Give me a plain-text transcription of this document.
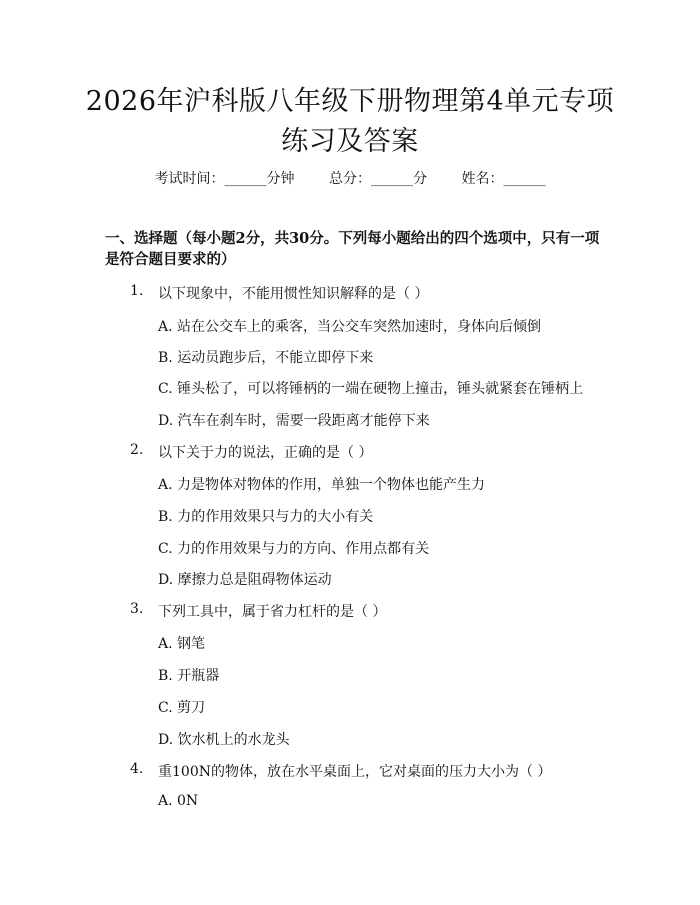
2026年沪科版八年级下册物理第4单元专项
练习及答案
考试时间：______分钟 总分：______分 姓名：______
一、选择题（每小题2分，共30分。下列每小题给出的四个选项中，只有一项是符合题目要求的）
1. 以下现象中，不能用惯性知识解释的是（ ）
A. 站在公交车上的乘客，当公交车突然加速时，身体向后倾倒
B. 运动员跑步后，不能立即停下来
C. 锤头松了，可以将锤柄的一端在硬物上撞击，锤头就紧套在锤柄上
D. 汽车在刹车时，需要一段距离才能停下来
2. 以下关于力的说法，正确的是（ ）
A. 力是物体对物体的作用，单独一个物体也能产生力
B. 力的作用效果只与力的大小有关
C. 力的作用效果与力的方向、作用点都有关
D. 摩擦力总是阻碍物体运动
3. 下列工具中，属于省力杠杆的是（ ）
A. 钢笔
B. 开瓶器
C. 剪刀
D. 饮水机上的水龙头
4. 重100N的物体，放在水平桌面上，它对桌面的压力大小为（ ）
A. 0N
